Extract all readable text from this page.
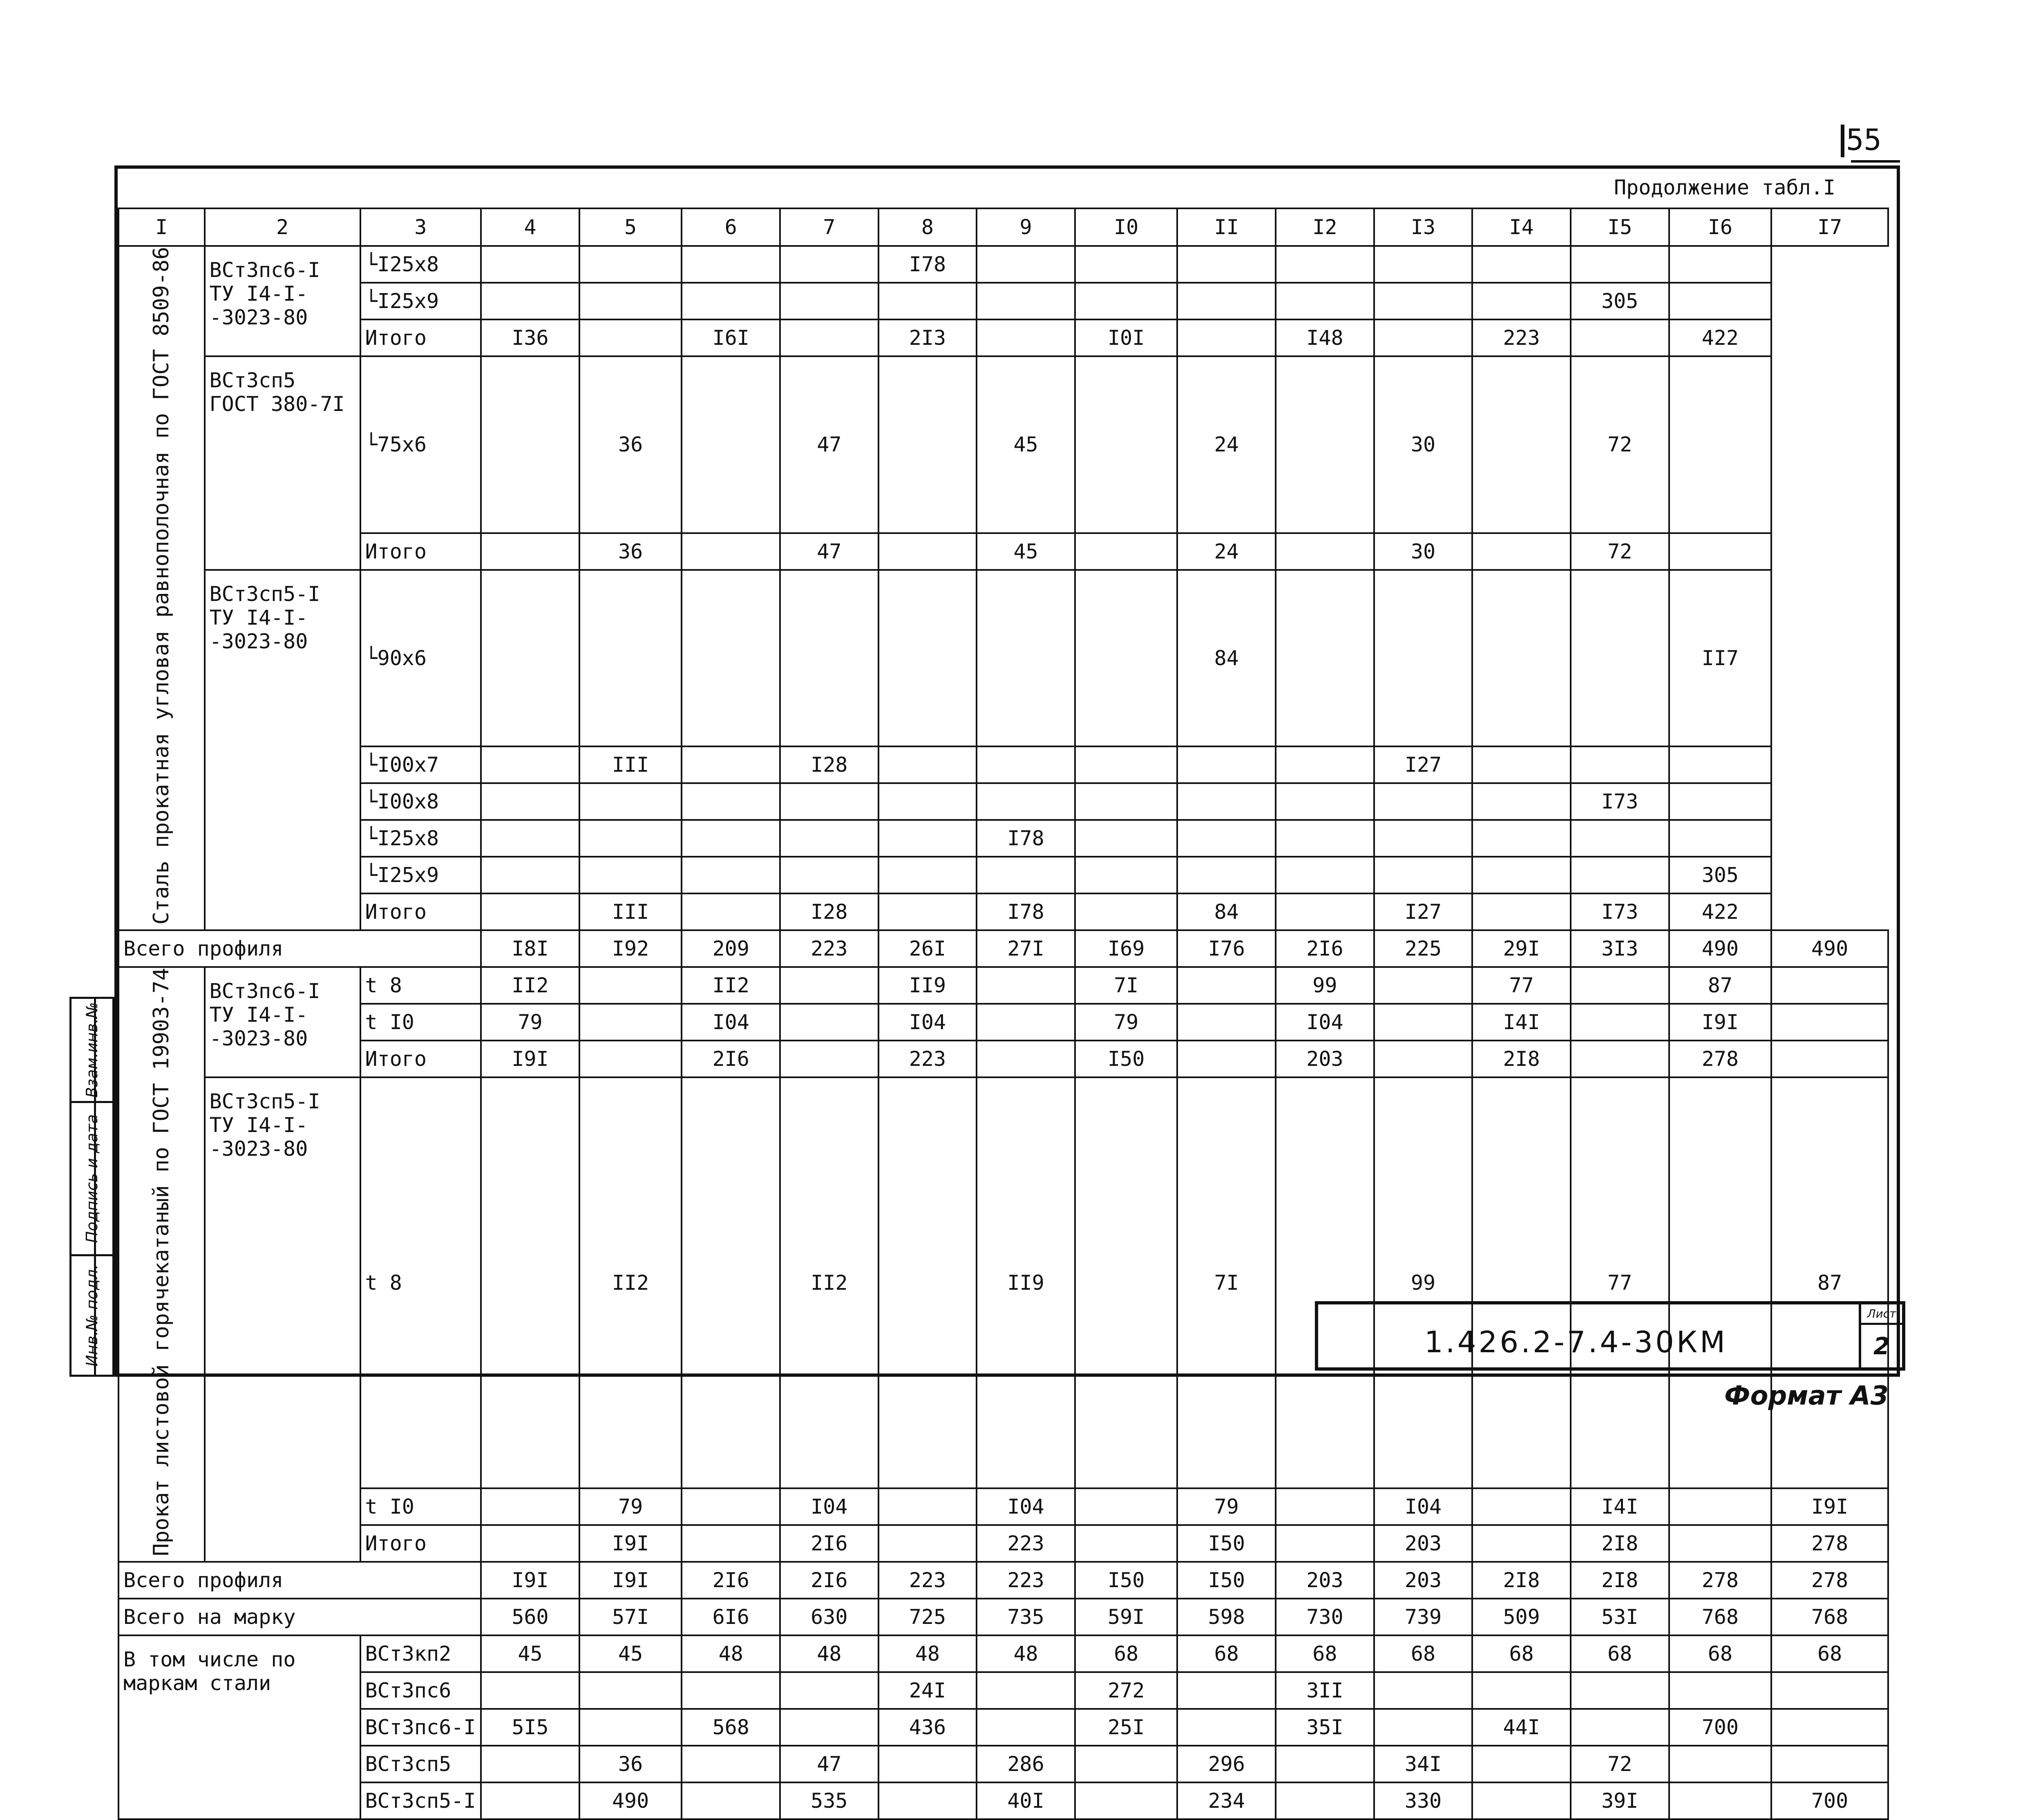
55
Продолжение табл.I
I	2	3	4	5	6	7	8	9	I0	II	I2	I3	I4	I5	I6	I7
Сталь прокатная угловая равнополочная по ГОСТ 8509-86	ВСт3пс6-I ТУ I4-I- -3023-80	└I25x8					I78									
		└I25x9												305		
		Итого	I36		I6I		2I3		I0I		I48		223		422	
	ВСт3сп5 ГОСТ 380-7I	└75x6		36		47		45		24		30		72		
		Итого		36		47		45		24		30		72		
	ВСт3сп5-I ТУ I4-I- -3023-80	└90x6								84					II7	
		└I00x7		III		I28						I27				
		└I00x8												I73		
		└I25x8						I78								
		└I25x9													305	
		Итого		III		I28		I78		84		I27		I73	422	
Всего профиля			I8I	I92	209	223	26I	27I	I69	I76	2I6	225	29I	3I3	490	490
Прокат листовой горячекатаный по ГОСТ 19903-74	ВСт3пс6-I ТУ I4-I- -3023-80	t 8	II2		II2		II9		7I		99		77		87	
		t I0	79		I04		I04		79		I04		I4I		I9I	
		Итого	I9I		2I6		223		I50		203		2I8		278	
	ВСт3сп5-I ТУ I4-I- -3023-80	t 8		II2		II2		II9		7I		99		77		87
		t I0		79		I04		I04		79		I04		I4I		I9I
		Итого		I9I		2I6		223		I50		203		2I8		278
Всего профиля			I9I	I9I	2I6	2I6	223	223	I50	I50	203	203	2I8	2I8	278	278
Всего на марку			560	57I	6I6	630	725	735	59I	598	730	739	509	53I	768	768
В том числе по маркам стали		ВСт3кп2	45	45	48	48	48	48	68	68	68	68	68	68	68	68
		ВСт3пс6					24I		272		3II					
		ВСт3пс6-I	5I5		568		436		25I		35I		44I		700	
		ВСт3сп5		36		47		286		296		34I		72		
		ВСт3сп5-I		490		535		40I		234		330		39I		700
Взам.инв.№
Подпись и дата
Инв.№ подл.	1.426.2-7.4-30КМ
Лист
2
Формат А3
